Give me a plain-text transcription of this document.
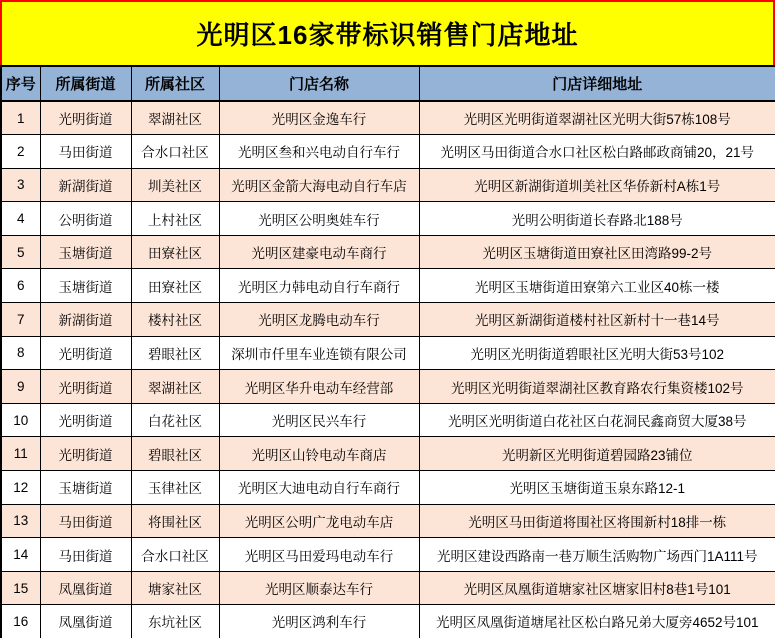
光明区16家带标识销售门店地址
序号	所属街道	所属社区	门店名称	门店详细地址
1	光明街道	翠湖社区	光明区金逸车行	光明区光明街道翠湖社区光明大街57栋108号
2	马田街道	合水口社区	光明区叁和兴电动自行车行	光明区马田街道合水口社区松白路邮政商铺20，21号
3	新湖街道	圳美社区	光明区金箭大海电动自行车店	光明区新湖街道圳美社区华侨新村A栋1号
4	公明街道	上村社区	光明区公明奥娃车行	光明公明街道长春路北188号
5	玉塘街道	田寮社区	光明区建豪电动车商行	光明区玉塘街道田寮社区田湾路99-2号
6	玉塘街道	田寮社区	光明区力韩电动自行车商行	光明区玉塘街道田寮第六工业区40栋一楼
7	新湖街道	楼村社区	光明区龙腾电动车行	光明区新湖街道楼村社区新村十一巷14号
8	光明街道	碧眼社区	深圳市仟里车业连锁有限公司	光明区光明街道碧眼社区光明大街53号102
9	光明街道	翠湖社区	光明区华升电动车经营部	光明区光明街道翠湖社区教育路农行集资楼102号
10	光明街道	白花社区	光明区民兴车行	光明区光明街道白花社区白花洞民鑫商贸大厦38号
11	光明街道	碧眼社区	光明区山铃电动车商店	光明新区光明街道碧园路23铺位
12	玉塘街道	玉律社区	光明区大迪电动自行车商行	光明区玉塘街道玉泉东路12-1
13	马田街道	将围社区	光明区公明广龙电动车店	光明区马田街道将围社区将围新村18排一栋
14	马田街道	合水口社区	光明区马田爱玛电动车行	光明区建设西路南一巷万顺生活购物广场西门1A111号
15	凤凰街道	塘家社区	光明区顺泰达车行	光明区凤凰街道塘家社区塘家旧村8巷1号101
16	凤凰街道	东坑社区	光明区鸿利车行	光明区凤凰街道塘尾社区松白路兄弟大厦旁4652号101
